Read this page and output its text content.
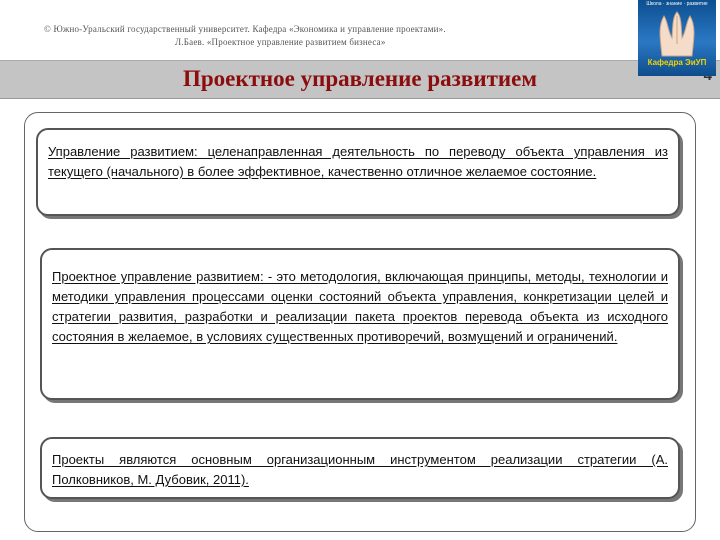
© Южно-Уральский государственный университет. Кафедра «Экономика и управление проектами».
Л.Баев. «Проектное управление развитием бизнеса»
Проектное управление развитием
Школа · знание · развитие
Кафедра ЭиУП

Управление развитием: целенаправленная деятельность по переводу объекта управления из текущего (начального) в более эффективное, качественно отличное желаемое состояние.

Проектное управление развитием: - это методология, включающая принципы, методы, технологии и методики управления процессами оценки состояний объекта управления, конкретизации целей и стратегии развития, разработки и реализации пакета проектов перевода объекта из исходного состояния в желаемое, в условиях существенных противоречий, возмущений и ограничений.

Проекты являются основным организационным инструментом реализации стратегии (А. Полковников, М. Дубовик, 2011).
